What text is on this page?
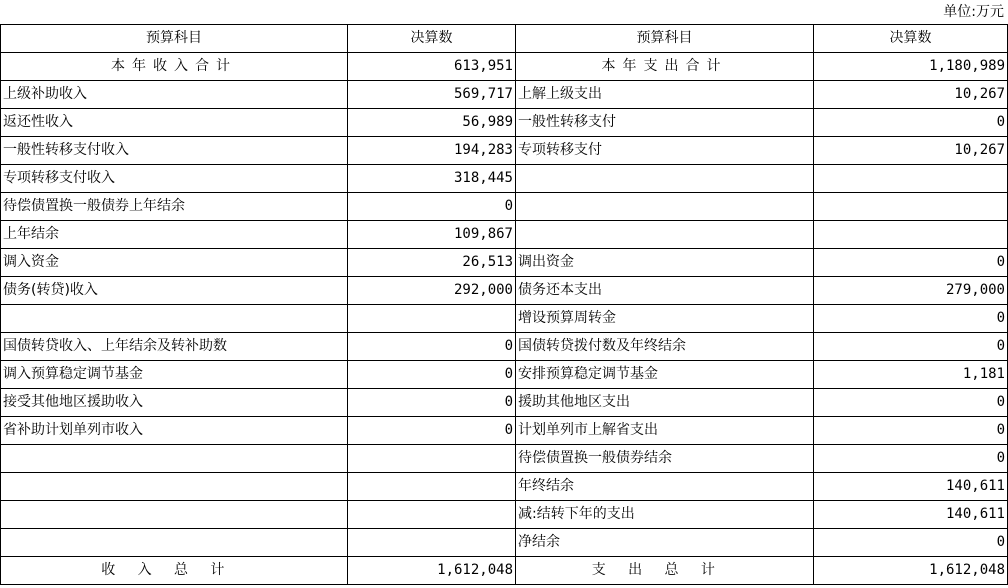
单位:万元
预算科目	决算数	预算科目	决算数
本年收入合计	613,951	本年支出合计	1,180,989
上级补助收入	569,717	上解上级支出	10,267
返还性收入	56,989	一般性转移支付	0
一般性转移支付收入	194,283	专项转移支付	10,267
专项转移支付收入	318,445		
待偿债置换一般债券上年结余	0		
上年结余	109,867		
调入资金	26,513	调出资金	0
债务(转贷)收入	292,000	债务还本支出	279,000
		增设预算周转金	0
国债转贷收入、上年结余及转补助数	0	国债转贷拨付数及年终结余	0
调入预算稳定调节基金	0	安排预算稳定调节基金	1,181
接受其他地区援助收入	0	援助其他地区支出	0
省补助计划单列市收入	0	计划单列市上解省支出	0
		待偿债置换一般债券结余	0
		年终结余	140,611
		减:结转下年的支出	140,611
		净结余	0
收入总计	1,612,048	支出总计	1,612,048
